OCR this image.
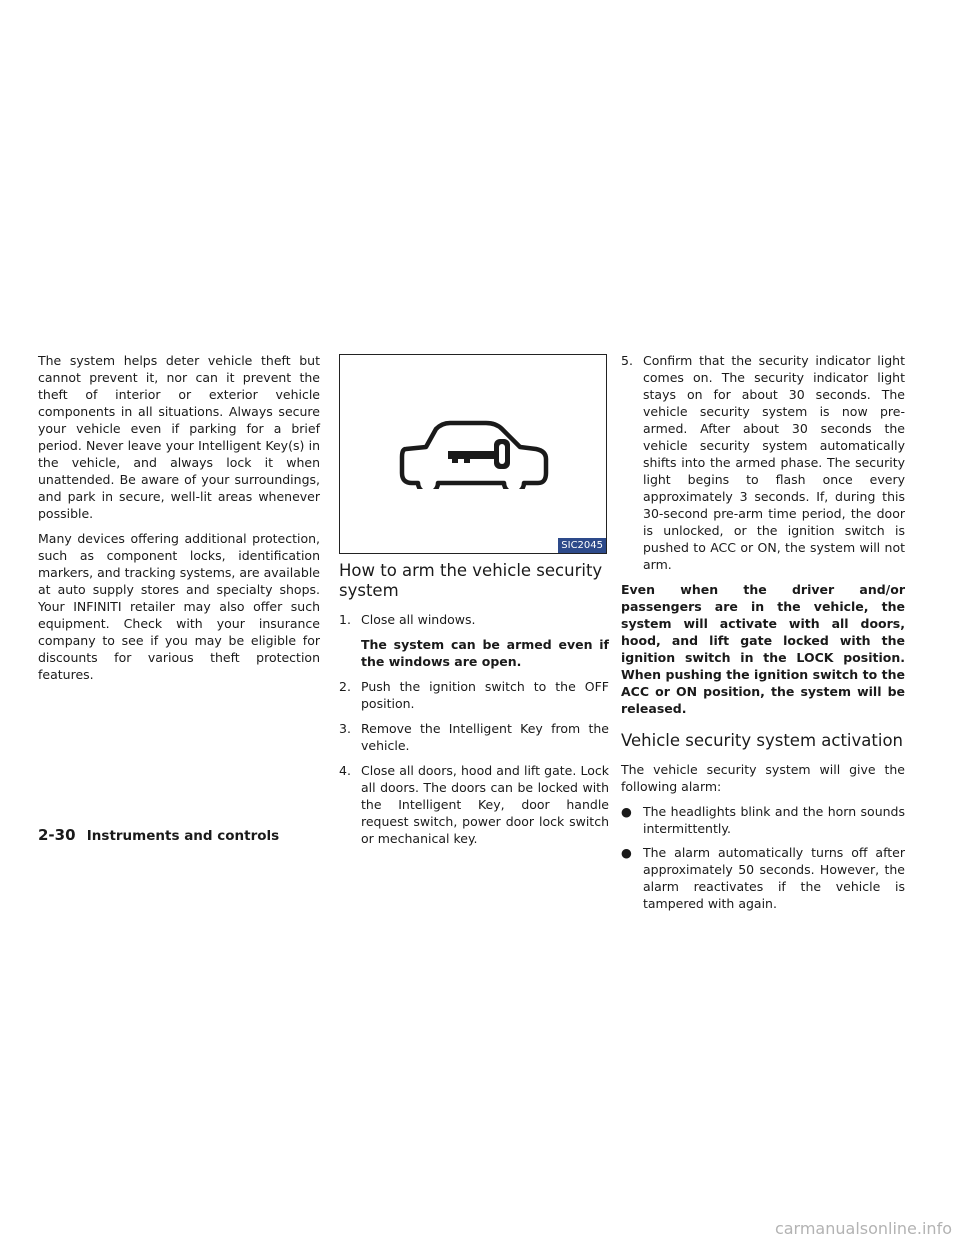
The system helps deter vehicle theft but cannot prevent it, nor can it prevent the theft of interior or exterior vehicle components in all situations. Always secure your vehicle even if parking for a brief period. Never leave your Intelligent Key(s) in the vehicle, and always lock it when unattended. Be aware of your surroundings, and park in secure, well-lit areas whenever possible.

Many devices offering additional protection, such as component locks, identification markers, and tracking systems, are available at auto supply stores and specialty shops. Your INFINITI retailer may also offer such equipment. Check with your insurance company to see if you may be eligible for discounts for various theft protection features.

SIC2045
How to arm the vehicle security system
1. Close all windows.
The system can be armed even if the windows are open.
2. Push the ignition switch to the OFF position.
3. Remove the Intelligent Key from the vehicle.
4. Close all doors, hood and lift gate. Lock all doors. The doors can be locked with the Intelligent Key, door handle request switch, power door lock switch or mechanical key.
5. Confirm that the security indicator light comes on. The security indicator light stays on for about 30 seconds. The vehicle security system is now pre-armed. After about 30 seconds the vehicle security system automatically shifts into the armed phase. The security light begins to flash once every approximately 3 seconds. If, during this 30-second pre-arm time period, the door is unlocked, or the ignition switch is pushed to ACC or ON, the system will not arm.

Even when the driver and/or passengers are in the vehicle, the system will activate with all doors, hood, and lift gate locked with the ignition switch in the LOCK position. When pushing the ignition switch to the ACC or ON position, the system will be released.

Vehicle security system activation

The vehicle security system will give the following alarm:

● The headlights blink and the horn sounds intermittently.
● The alarm automatically turns off after approximately 50 seconds. However, the alarm reactivates if the vehicle is tampered with again.
2-30 Instruments and controls
carmanualsonline.info
